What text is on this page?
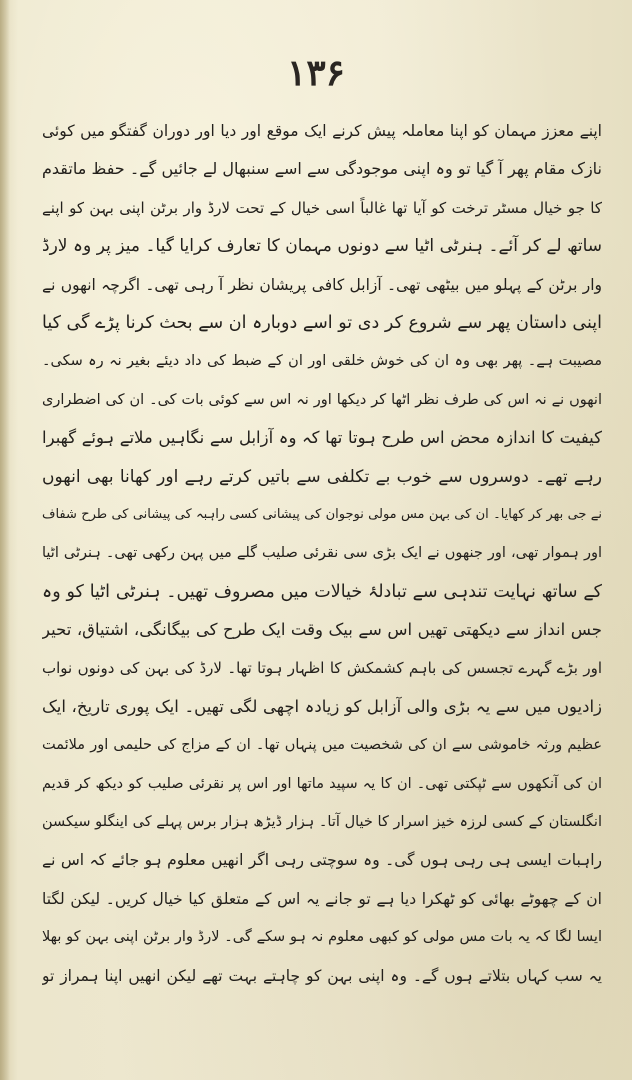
۱۳۶
اپنے معزز مہمان کو اپنا معاملہ پیش کرنے ایک موقع اور دیا اور دوران گفتگو میں کوئی
نازک مقام پھر آ گیا تو وہ اپنی موجودگی سے اسے سنبھال لے جائیں گے۔ حفظ ماتقدم
کا جو خیال مسٹر ترخت کو آیا تھا غالباً اسی خیال کے تحت لارڈ وار برٹن اپنی بہن کو اپنے
ساتھ لے کر آئے۔ ہنرٹی اٹیا سے دونوں مہمان کا تعارف کرایا گیا۔ میز پر وہ لارڈ
وار برٹن کے پہلو میں بیٹھی تھی۔ آزابل کافی پریشان نظر آ رہی تھی۔ اگرچہ انھوں نے
اپنی داستان پھر سے شروع کر دی تو اسے دوبارہ ان سے بحث کرنا پڑے گی کیا
مصیبت ہے۔ پھر بھی وہ ان کی خوش خلقی اور ان کے ضبط کی داد دیئے بغیر نہ رہ سکی۔
انھوں نے نہ اس کی طرف نظر اٹھا کر دیکھا اور نہ اس سے کوئی بات کی۔ ان کی اضطراری
کیفیت کا اندازہ محض اس طرح ہوتا تھا کہ وہ آزابل سے نگاہیں ملاتے ہوئے گھبرا
رہے تھے۔ دوسروں سے خوب بے تکلفی سے باتیں کرتے رہے اور کھانا بھی انھوں
نے جی بھر کر کھایا۔ ان کی بہن مس مولی نوجوان کی پیشانی کسی راہبہ کی پیشانی کی طرح شفاف
اور ہموار تھی، اور جنھوں نے ایک بڑی سی نقرئی صلیب گلے میں پہن رکھی تھی۔ ہنرٹی اٹیا
کے ساتھ نہایت تندہی سے تبادلۂ خیالات میں مصروف تھیں۔ ہنرٹی اٹیا کو وہ
جس انداز سے دیکھتی تھیں اس سے بیک وقت ایک طرح کی بیگانگی، اشتیاق، تحیر
اور بڑے گہرے تجسس کی باہم کشمکش کا اظہار ہوتا تھا۔ لارڈ کی بہن کی دونوں نواب
زادیوں میں سے یہ بڑی والی آزابل کو زیادہ اچھی لگی تھیں۔ ایک پوری تاریخ، ایک
عظیم ورثہ خاموشی سے ان کی شخصیت میں پنہاں تھا۔ ان کے مزاج کی حلیمی اور ملائمت
ان کی آنکھوں سے ٹپکتی تھی۔ ان کا یہ سپید ماتھا اور اس پر نقرئی صلیب کو دیکھ کر قدیم
انگلستان کے کسی لرزہ خیز اسرار کا خیال آتا۔ ہزار ڈیڑھ ہزار برس پہلے کی اینگلو سیکسن
راہبات ایسی ہی رہی ہوں گی۔ وہ سوچتی رہی اگر انھیں معلوم ہو جائے کہ اس نے
ان کے چھوٹے بھائی کو ٹھکرا دیا ہے تو جانے یہ اس کے متعلق کیا خیال کریں۔ لیکن لگتا
ایسا لگا کہ یہ بات مس مولی کو کبھی معلوم نہ ہو سکے گی۔ لارڈ وار برٹن اپنی بہن کو بھلا
یہ سب کہاں بتلاتے ہوں گے۔ وہ اپنی بہن کو چاہتے بہت تھے لیکن انھیں اپنا ہمراز تو
